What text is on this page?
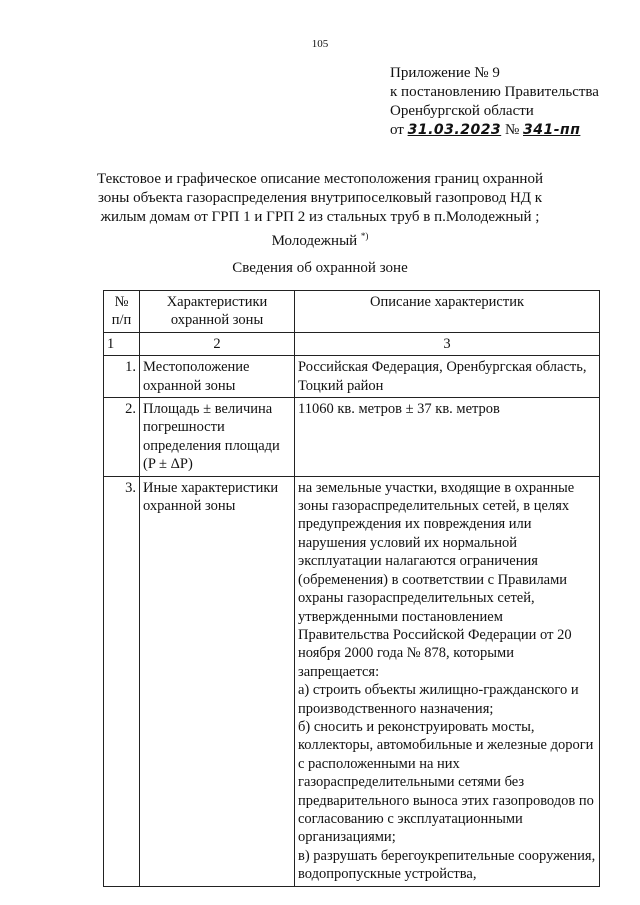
105
Приложение № 9
к постановлению Правительства
Оренбургской области
от 31.03.2023 № 341-пп
Текстовое и графическое описание местоположения границ охранной зоны объекта газораспределения внутрипоселковый газопровод НД к жилым домам от ГРП 1 и ГРП 2 из стальных труб в п.Молодежный ; Молодежный *)
Сведения об охранной зоне
№ п/п	Характеристики охранной зоны	Описание характеристик
1	2	3
1.	Местоположение охранной зоны	Российская Федерация, Оренбургская область, Тоцкий район
2.	Площадь ± величина погрешности определения площади (P ± ΔP)	11060 кв. метров ± 37 кв. метров
3.	Иные характеристики охранной зоны	на земельные участки, входящие в охранные зоны газораспределительных сетей, в целях предупреждения их повреждения или нарушения условий их нормальной эксплуатации налагаются ограничения (обременения) в соответствии с Правилами охраны газораспределительных сетей, утвержденными постановлением Правительства Российской Федерации от 20 ноября 2000 года № 878, которыми запрещается:
а) строить объекты жилищно-гражданского и производственного назначения;
б) сносить и реконструировать мосты, коллекторы, автомобильные и железные дороги с расположенными на них газораспределительными сетями без предварительного выноса этих газопроводов по согласованию с эксплуатационными организациями;
в) разрушать берегоукрепительные сооружения, водопропускные устройства,
